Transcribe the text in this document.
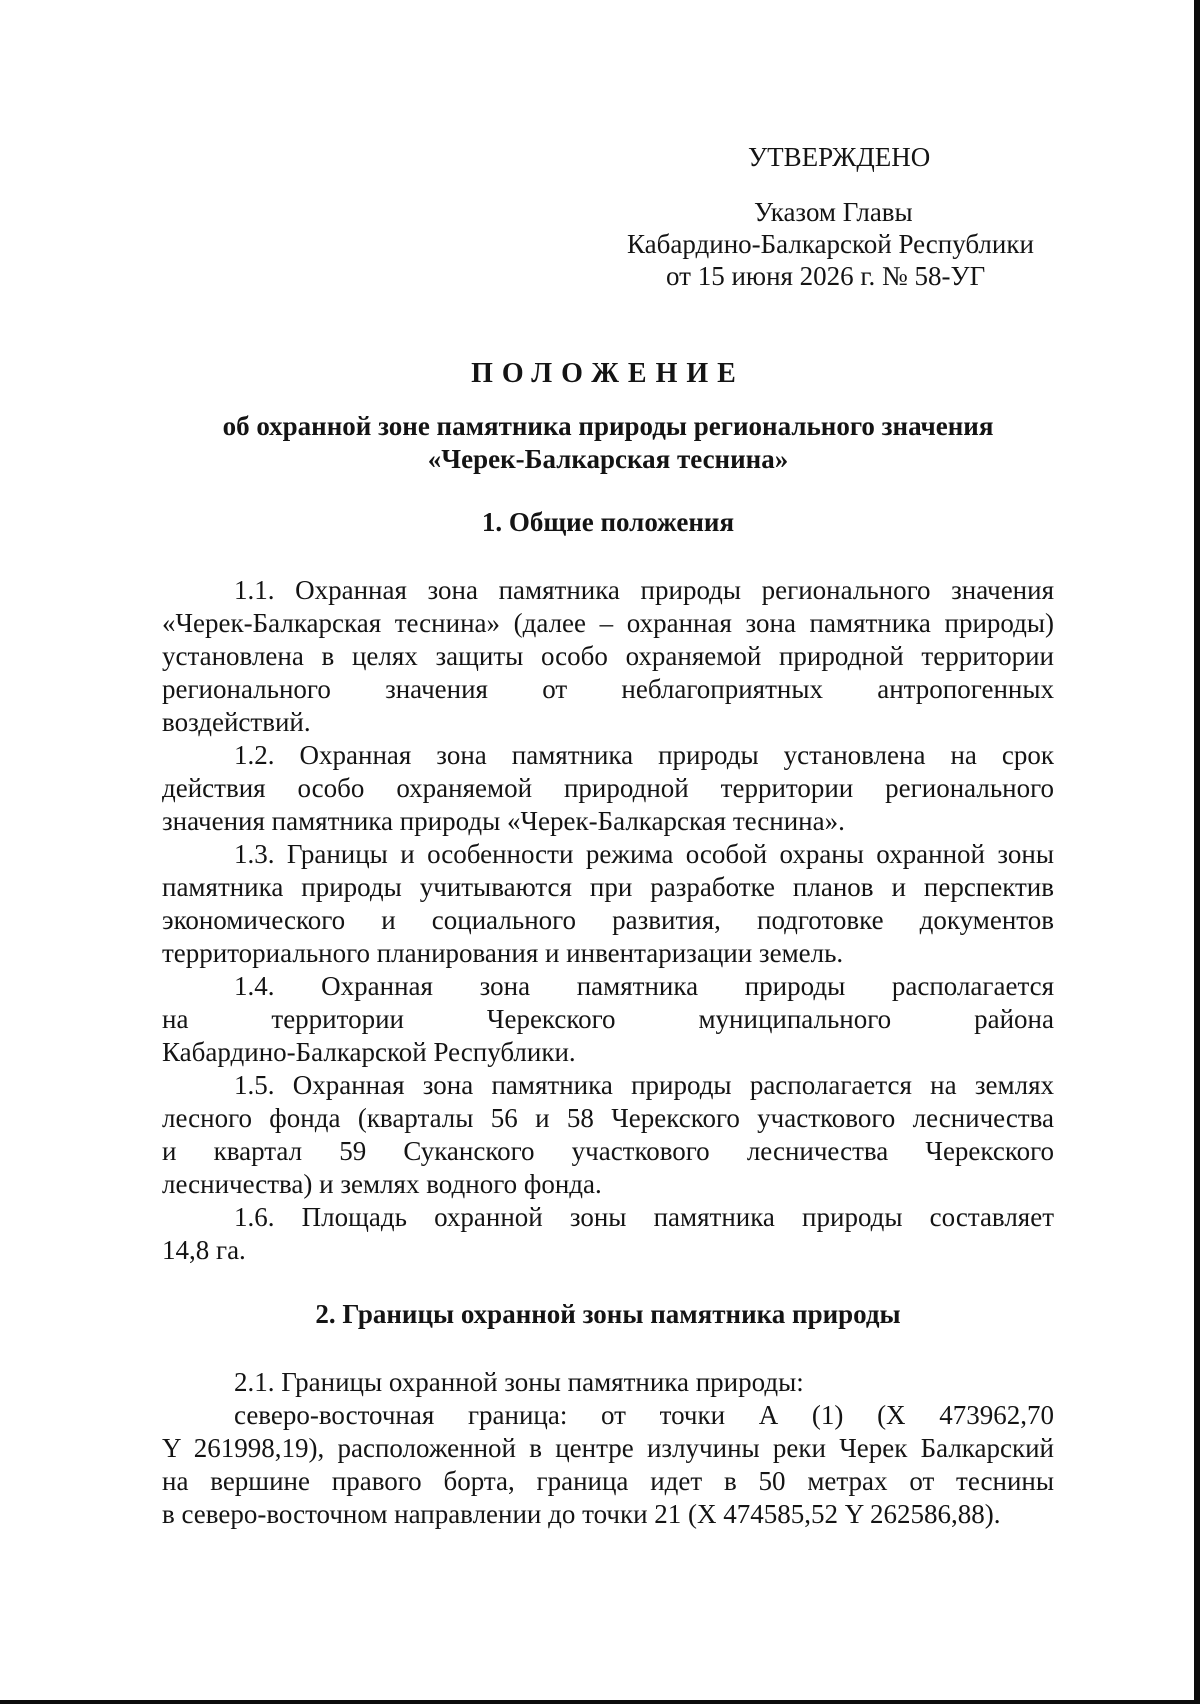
УТВЕРЖДЕНО
Указом Главы
Кабардино-Балкарской Республики
от 15 июня 2026 г. № 58-УГ
ПОЛОЖЕНИЕ
об охранной зоне памятника природы регионального значения
«Черек-Балкарская теснина»
1. Общие положения
1.1. Охранная зона памятника природы регионального значения
«Черек-Балкарская теснина» (далее – охранная зона памятника природы)
установлена в целях защиты особо охраняемой природной территории
регионального значения от неблагоприятных антропогенных
воздействий.
1.2. Охранная зона памятника природы установлена на срок
действия особо охраняемой природной территории регионального
значения памятника природы «Черек-Балкарская теснина».
1.3. Границы и особенности режима особой охраны охранной зоны
памятника природы учитываются при разработке планов и перспектив
экономического и социального развития, подготовке документов
территориального планирования и инвентаризации земель.
1.4. Охранная зона памятника природы располагается
на территории Черекского муниципального района
Кабардино-Балкарской Республики.
1.5. Охранная зона памятника природы располагается на землях
лесного фонда (кварталы 56 и 58 Черекского участкового лесничества
и квартал 59 Суканского участкового лесничества Черекского
лесничества) и землях водного фонда.
1.6. Площадь охранной зоны памятника природы составляет
14,8 га.
2. Границы охранной зоны памятника природы
2.1. Границы охранной зоны памятника природы:
северо-восточная граница: от точки А (1) (Х 473962,70
Y 261998,19), расположенной в центре излучины реки Черек Балкарский
на вершине правого борта, граница идет в 50 метрах от теснины
в северо-восточном направлении до точки 21 (Х 474585,52 Y 262586,88).
